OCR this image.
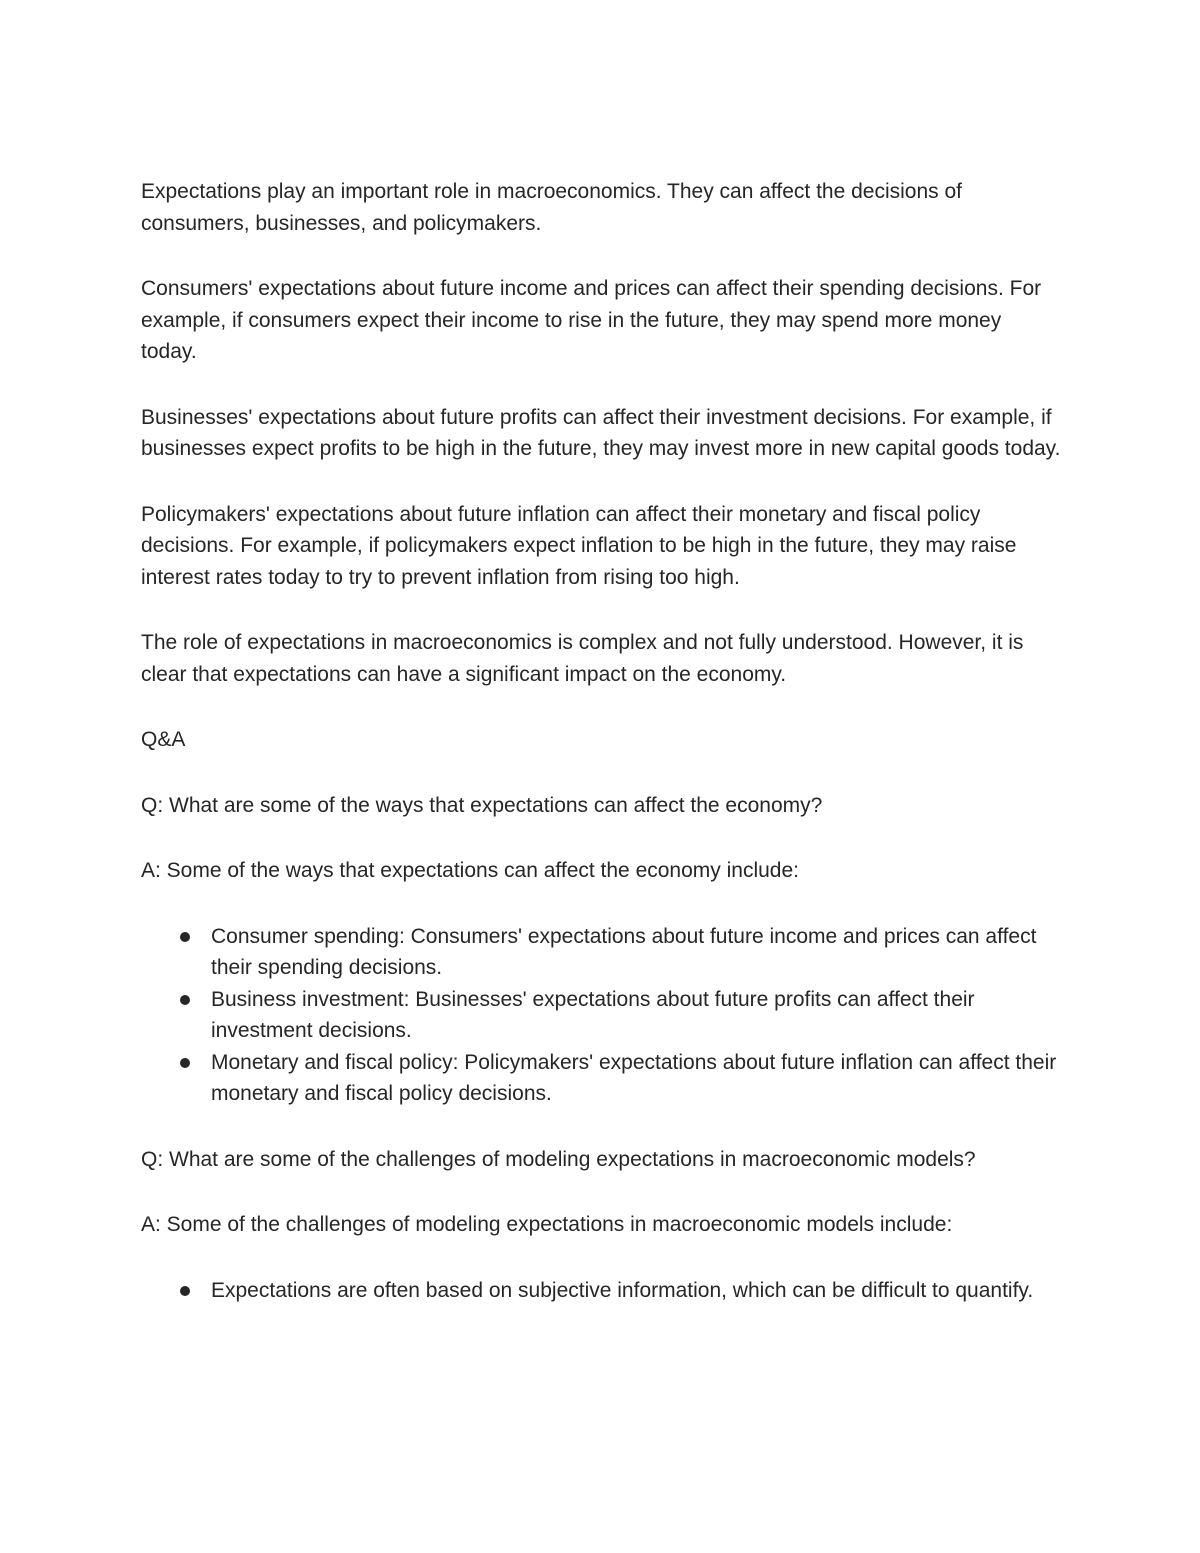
Expectations play an important role in macroeconomics. They can affect the decisions of consumers, businesses, and policymakers.

Consumers' expectations about future income and prices can affect their spending decisions. For example, if consumers expect their income to rise in the future, they may spend more money today.

Businesses' expectations about future profits can affect their investment decisions. For example, if businesses expect profits to be high in the future, they may invest more in new capital goods today.

Policymakers' expectations about future inflation can affect their monetary and fiscal policy decisions. For example, if policymakers expect inflation to be high in the future, they may raise interest rates today to try to prevent inflation from rising too high.

The role of expectations in macroeconomics is complex and not fully understood. However, it is clear that expectations can have a significant impact on the economy.

Q&A

Q: What are some of the ways that expectations can affect the economy?

A: Some of the ways that expectations can affect the economy include:

Consumer spending: Consumers' expectations about future income and prices can affect their spending decisions.
Business investment: Businesses' expectations about future profits can affect their investment decisions.
Monetary and fiscal policy: Policymakers' expectations about future inflation can affect their monetary and fiscal policy decisions.

Q: What are some of the challenges of modeling expectations in macroeconomic models?

A: Some of the challenges of modeling expectations in macroeconomic models include:

Expectations are often based on subjective information, which can be difficult to quantify.
